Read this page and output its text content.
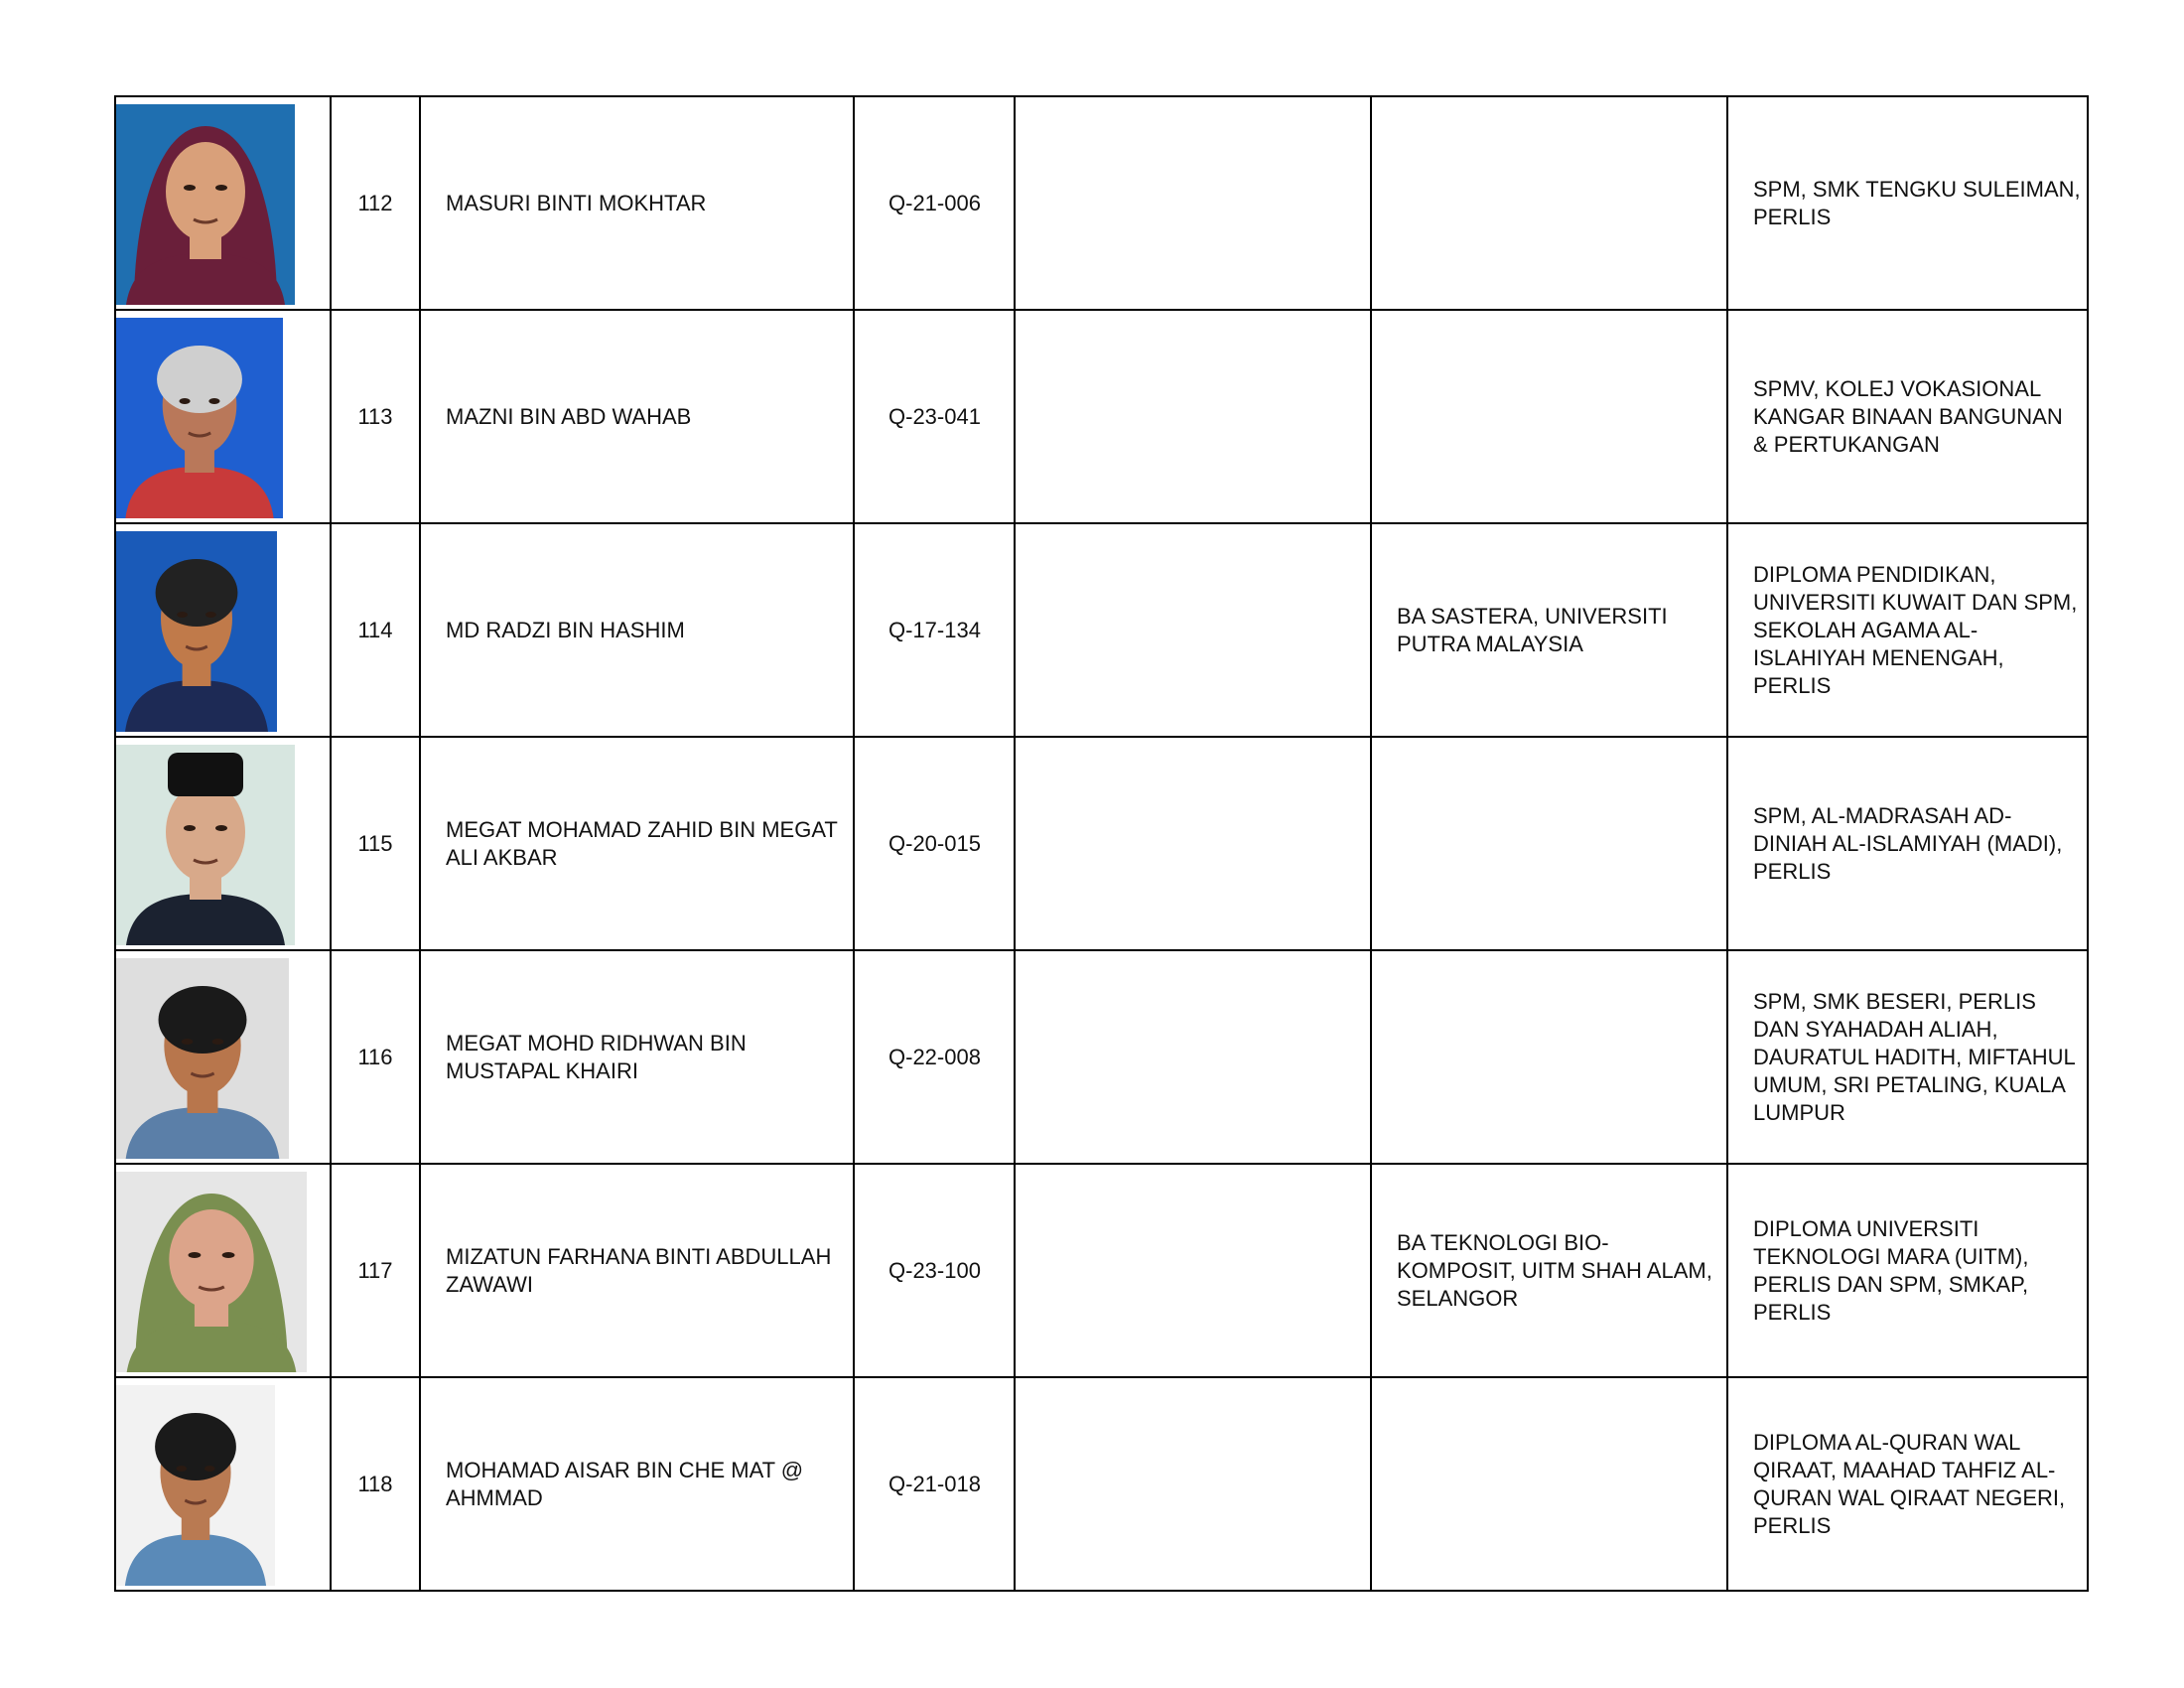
	112	MASURI BINTI MOKHTAR	Q-21-006			SPM, SMK TENGKU SULEIMAN, PERLIS

	113	MAZNI BIN ABD WAHAB	Q-23-041			SPMV, KOLEJ VOKASIONAL KANGAR BINAAN BANGUNAN & PERTUKANGAN

	114	MD RADZI BIN HASHIM	Q-17-134		BA SASTERA, UNIVERSITI PUTRA MALAYSIA	DIPLOMA PENDIDIKAN, UNIVERSITI KUWAIT DAN SPM, SEKOLAH AGAMA AL-ISLAHIYAH MENENGAH, PERLIS

	115	MEGAT MOHAMAD ZAHID BIN MEGAT ALI AKBAR	Q-20-015			SPM, AL-MADRASAH AD-DINIAH AL-ISLAMIYAH (MADI), PERLIS

	116	MEGAT MOHD RIDHWAN BIN MUSTAPAL KHAIRI	Q-22-008			SPM, SMK BESERI, PERLIS DAN SYAHADAH ALIAH, DAURATUL HADITH, MIFTAHUL UMUM, SRI PETALING, KUALA LUMPUR

	117	MIZATUN FARHANA BINTI ABDULLAH ZAWAWI	Q-23-100		BA TEKNOLOGI BIO-KOMPOSIT, UITM SHAH ALAM, SELANGOR	DIPLOMA UNIVERSITI TEKNOLOGI MARA (UITM), PERLIS DAN SPM, SMKAP, PERLIS

	118	MOHAMAD AISAR BIN CHE MAT @ AHMMAD	Q-21-018			DIPLOMA AL-QURAN WAL QIRAAT, MAAHAD TAHFIZ AL-QURAN WAL QIRAAT NEGERI, PERLIS
